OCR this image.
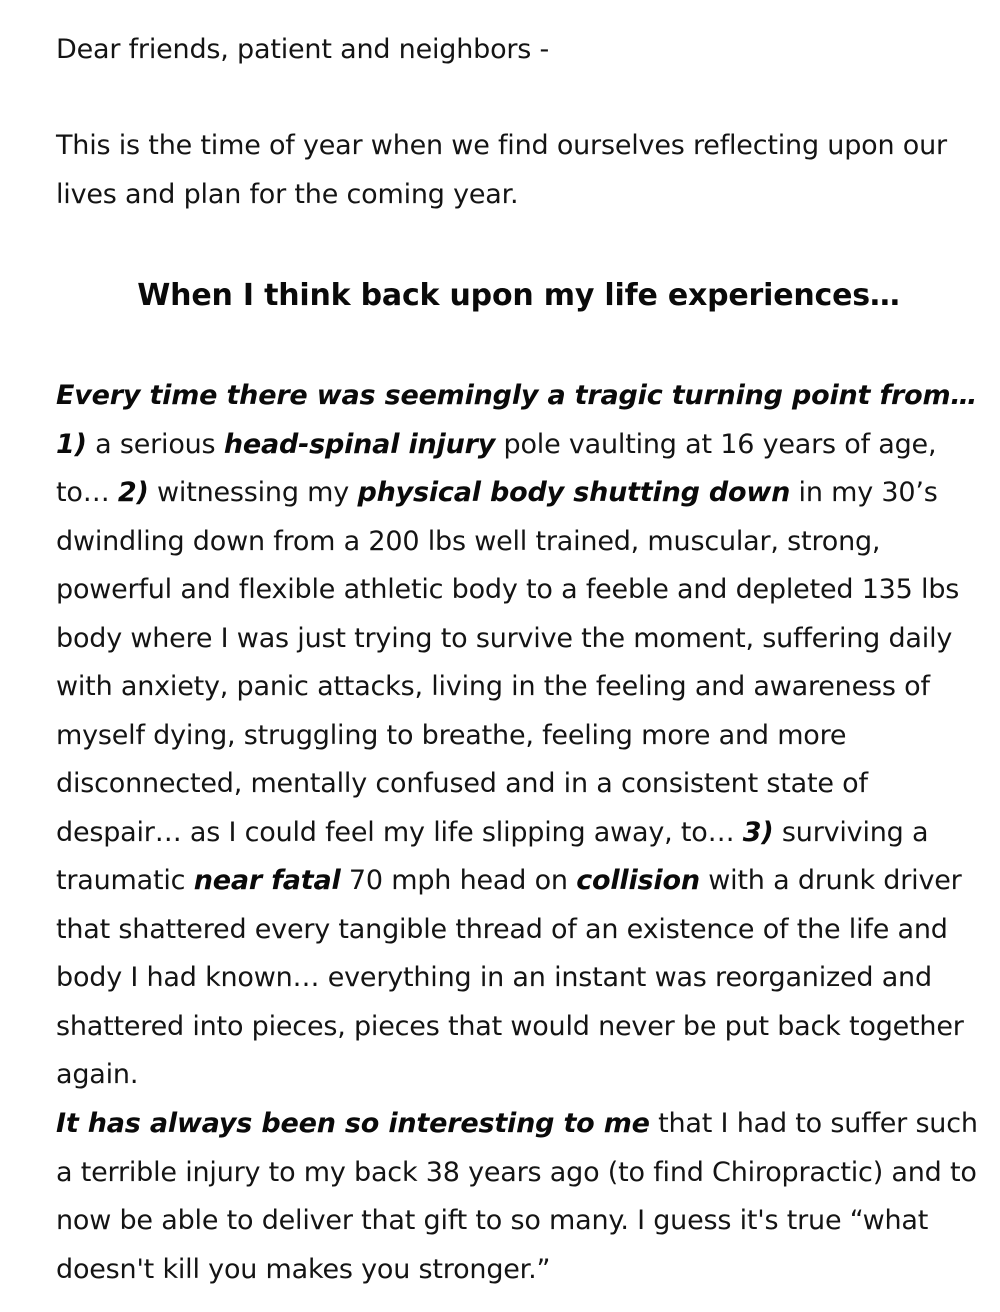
Dear friends, patient and neighbors -

This is the time of year when we find ourselves reflecting upon our lives and plan for the coming year.

When I think back upon my life experiences…

Every time there was seemingly a tragic turning point from…
1) a serious head-spinal injury pole vaulting at 16 years of age, to… 2) witnessing my physical body shutting down in my 30’s dwindling down from a 200 lbs well trained, muscular, strong, powerful and flexible athletic body to a feeble and depleted 135 lbs body where I was just trying to survive the moment, suffering daily with anxiety, panic attacks, living in the feeling and awareness of myself dying, struggling to breathe, feeling more and more disconnected, mentally confused and in a consistent state of despair… as I could feel my life slipping away, to… 3) surviving a traumatic near fatal 70 mph head on collision with a drunk driver that shattered every tangible thread of an existence of the life and body I had known… everything in an instant was reorganized and shattered into pieces, pieces that would never be put back together again.

It has always been so interesting to me that I had to suffer such a terrible injury to my back 38 years ago (to find Chiropractic) and to now be able to deliver that gift to so many. I guess it's true “what doesn't kill you makes you stronger.”
